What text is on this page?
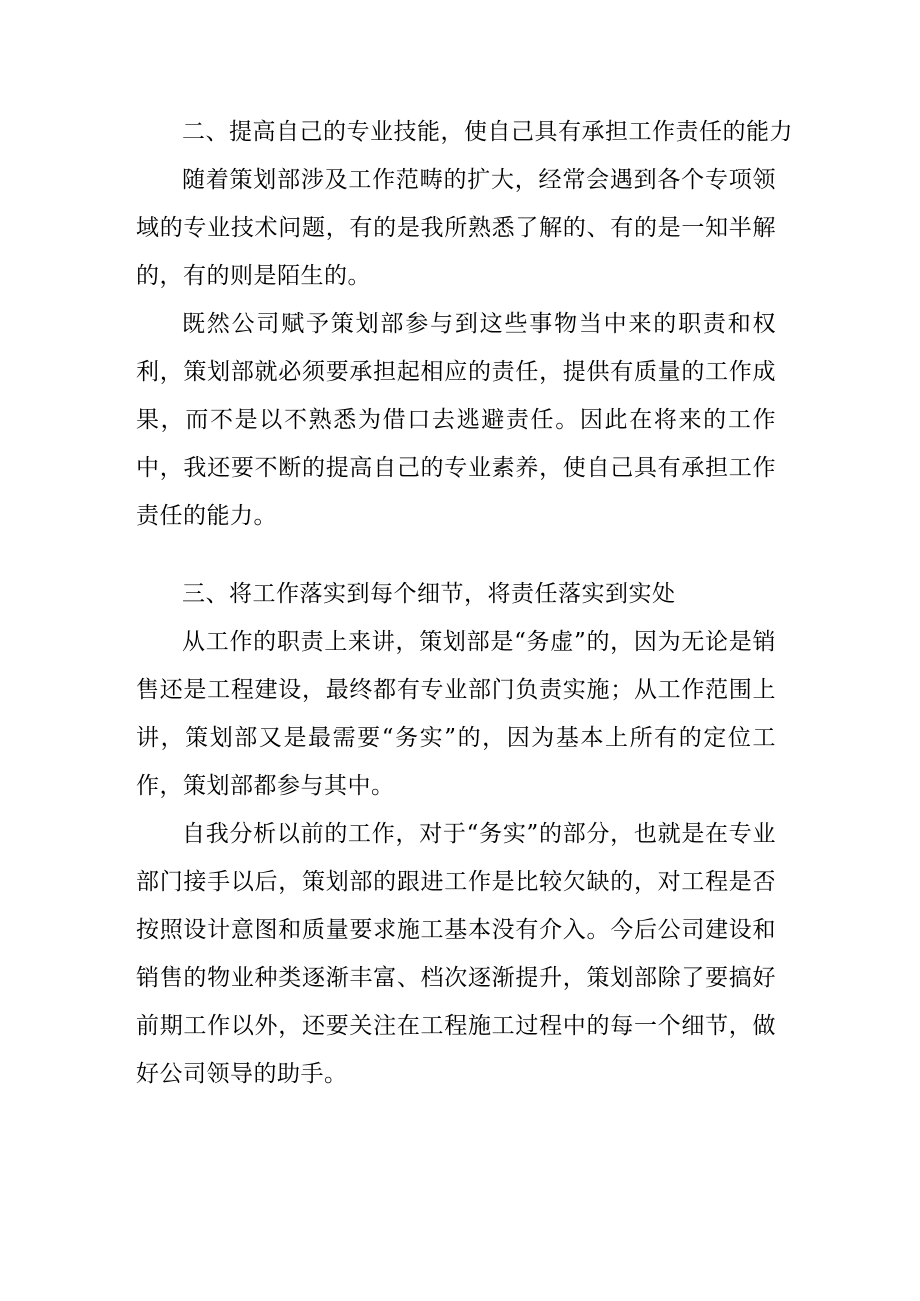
二、提高自己的专业技能，使自己具有承担工作责任的能力

随着策划部涉及工作范畴的扩大，经常会遇到各个专项领域的专业技术问题，有的是我所熟悉了解的、有的是一知半解的，有的则是陌生的。

既然公司赋予策划部参与到这些事物当中来的职责和权利，策划部就必须要承担起相应的责任，提供有质量的工作成果，而不是以不熟悉为借口去逃避责任。因此在将来的工作中，我还要不断的提高自己的专业素养，使自己具有承担工作责任的能力。

三、将工作落实到每个细节，将责任落实到实处

从工作的职责上来讲，策划部是“务虚”的，因为无论是销售还是工程建设，最终都有专业部门负责实施；从工作范围上讲，策划部又是最需要“务实”的，因为基本上所有的定位工作，策划部都参与其中。

自我分析以前的工作，对于“务实”的部分，也就是在专业部门接手以后，策划部的跟进工作是比较欠缺的，对工程是否按照设计意图和质量要求施工基本没有介入。今后公司建设和销售的物业种类逐渐丰富、档次逐渐提升，策划部除了要搞好前期工作以外，还要关注在工程施工过程中的每一个细节，做好公司领导的助手。
